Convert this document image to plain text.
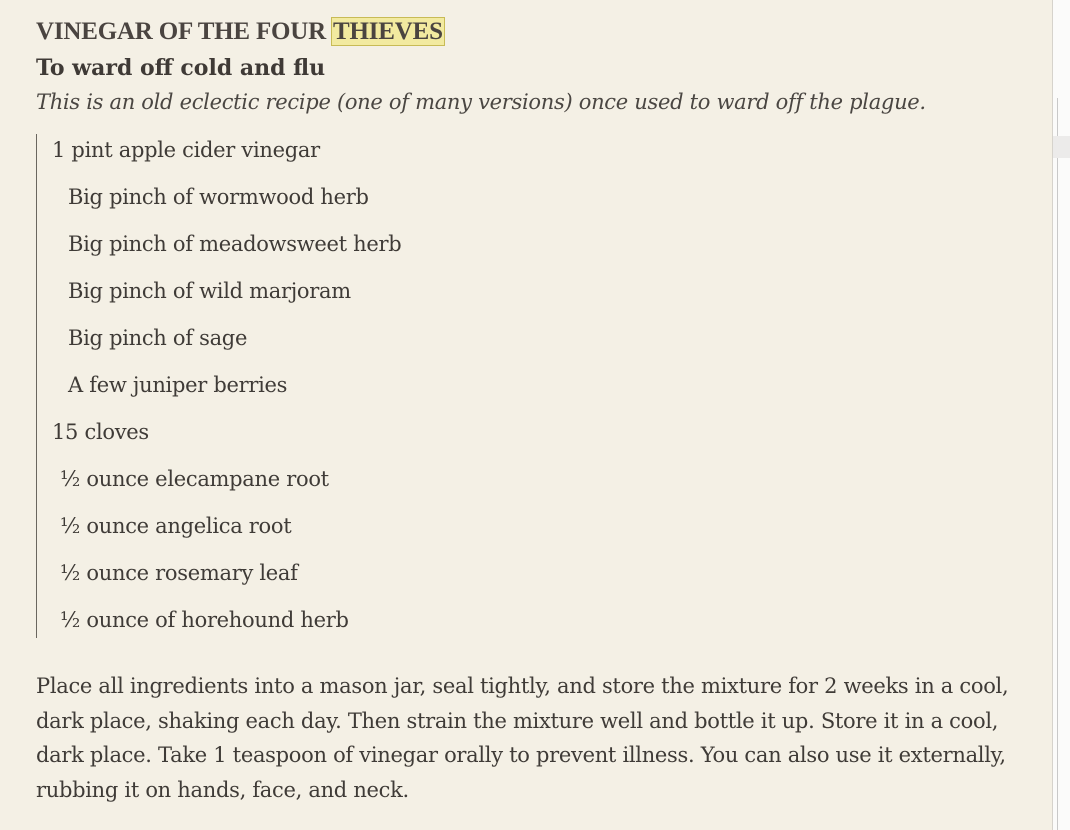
VINEGAR OF THE FOUR THIEVES
To ward off cold and flu

This is an old eclectic recipe (one of many versions) once used to ward off the plague.

1 pint apple cider vinegar
Big pinch of wormwood herb
Big pinch of meadowsweet herb
Big pinch of wild marjoram
Big pinch of sage
A few juniper berries
15 cloves
½ ounce elecampane root
½ ounce angelica root
½ ounce rosemary leaf
½ ounce of horehound herb

Place all ingredients into a mason jar, seal tightly, and store the mixture for 2 weeks in a cool, dark place, shaking each day. Then strain the mixture well and bottle it up. Store it in a cool, dark place. Take 1 teaspoon of vinegar orally to prevent illness. You can also use it externally, rubbing it on hands, face, and neck.
